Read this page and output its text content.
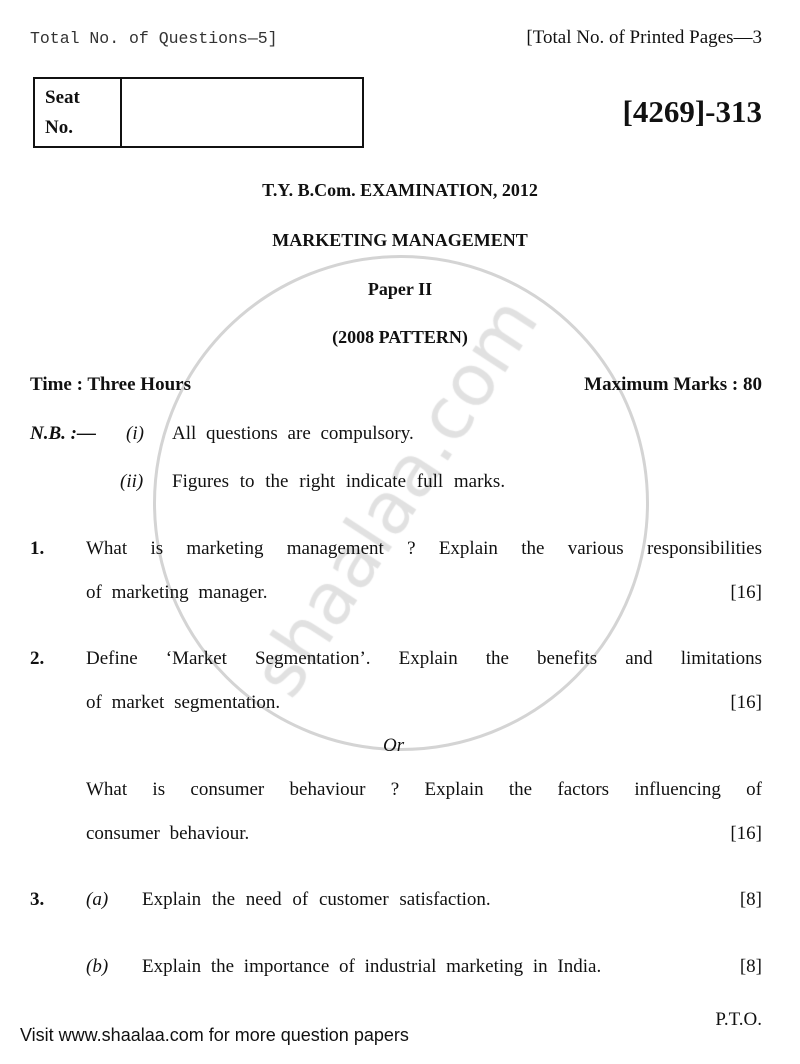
Total No. of Questions—5]	[Total No. of Printed Pages—3
Seat
No.	[4269]-313
T.Y. B.Com. EXAMINATION, 2012
MARKETING MANAGEMENT
Paper II
(2008 PATTERN)
Time : Three Hours	Maximum Marks : 80
N.B. :— (i) All questions are compulsory.
(ii) Figures to the right indicate full marks.
1. What is marketing management ? Explain the various responsibilities
of marketing manager.	[16]
2. Define ‘Market Segmentation’. Explain the benefits and limitations
of market segmentation.	[16]
Or
What is consumer behaviour ? Explain the factors influencing of
consumer behaviour.	[16]
3. (a) Explain the need of customer satisfaction.	[8]
(b) Explain the importance of industrial marketing in India.	[8]
P.T.O.
Visit www.shaalaa.com for more question papers
